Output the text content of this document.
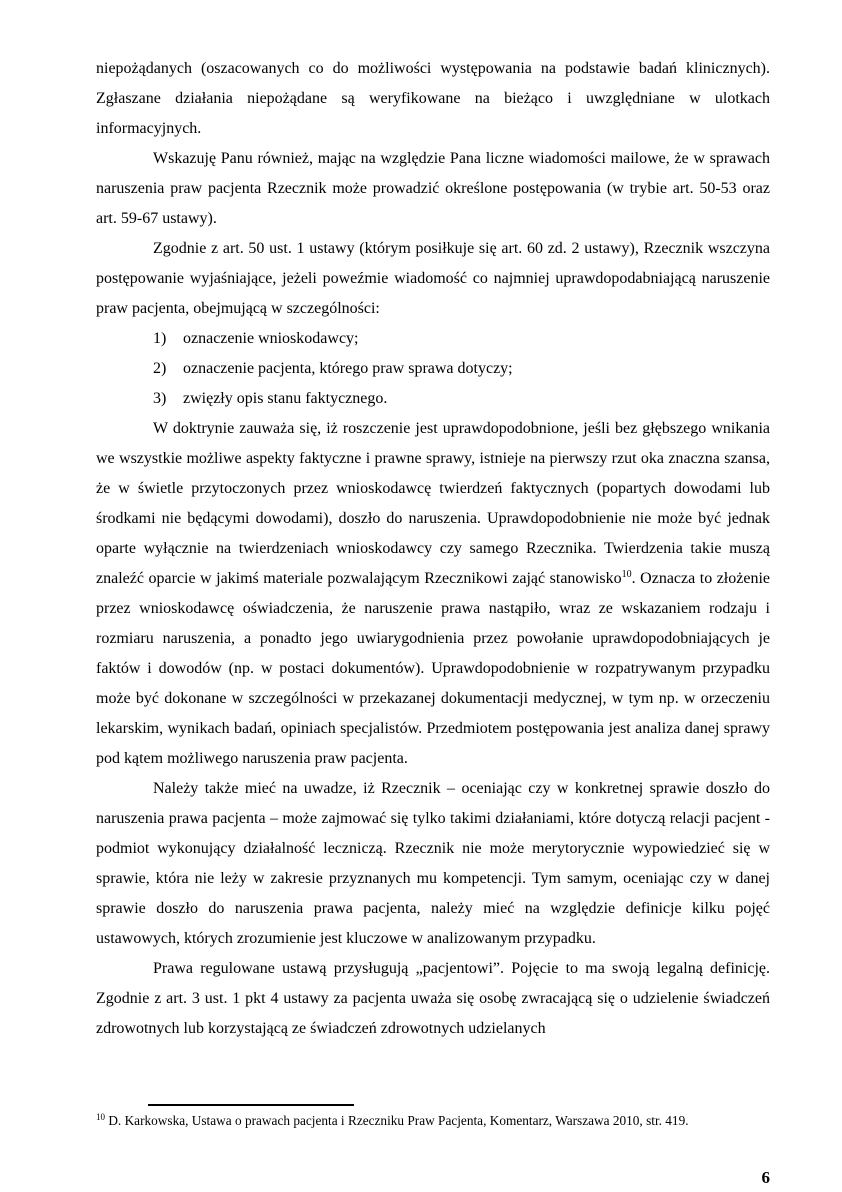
niepożądanych (oszacowanych co do możliwości występowania na podstawie badań klinicznych). Zgłaszane działania niepożądane są weryfikowane na bieżąco i uwzględniane w ulotkach informacyjnych.

Wskazuję Panu również, mając na względzie Pana liczne wiadomości mailowe, że w sprawach naruszenia praw pacjenta Rzecznik może prowadzić określone postępowania (w trybie art. 50-53 oraz art. 59-67 ustawy).

Zgodnie z art. 50 ust. 1 ustawy (którym posiłkuje się art. 60 zd. 2 ustawy), Rzecznik wszczyna postępowanie wyjaśniające, jeżeli poweźmie wiadomość co najmniej uprawdopodabniającą naruszenie praw pacjenta, obejmującą w szczególności:

1)	oznaczenie wnioskodawcy;
2)	oznaczenie pacjenta, którego praw sprawa dotyczy;
3)	zwięzły opis stanu faktycznego.

W doktrynie zauważa się, iż roszczenie jest uprawdopodobnione, jeśli bez głębszego wnikania we wszystkie możliwe aspekty faktyczne i prawne sprawy, istnieje na pierwszy rzut oka znaczna szansa, że w świetle przytoczonych przez wnioskodawcę twierdzeń faktycznych (popartych dowodami lub środkami nie będącymi dowodami), doszło do naruszenia. Uprawdopodobnienie nie może być jednak oparte wyłącznie na twierdzeniach wnioskodawcy czy samego Rzecznika. Twierdzenia takie muszą znaleźć oparcie w jakimś materiale pozwalającym Rzecznikowi zająć stanowisko$^{10}$. Oznacza to złożenie przez wnioskodawcę oświadczenia, że naruszenie prawa nastąpiło, wraz ze wskazaniem rodzaju i rozmiaru naruszenia, a ponadto jego uwiarygodnienia przez powołanie uprawdopodobniających je faktów i dowodów (np. w postaci dokumentów). Uprawdopodobnienie w rozpatrywanym przypadku może być dokonane w szczególności w przekazanej dokumentacji medycznej, w tym np. w orzeczeniu lekarskim, wynikach badań, opiniach specjalistów. Przedmiotem postępowania jest analiza danej sprawy pod kątem możliwego naruszenia praw pacjenta.

Należy także mieć na uwadze, iż Rzecznik – oceniając czy w konkretnej sprawie doszło do naruszenia prawa pacjenta – może zajmować się tylko takimi działaniami, które dotyczą relacji pacjent - podmiot wykonujący działalność leczniczą. Rzecznik nie może merytorycznie wypowiedzieć się w sprawie, która nie leży w zakresie przyznanych mu kompetencji. Tym samym, oceniając czy w danej sprawie doszło do naruszenia prawa pacjenta, należy mieć na względzie definicje kilku pojęć ustawowych, których zrozumienie jest kluczowe w analizowanym przypadku.

Prawa regulowane ustawą przysługują „pacjentowi”. Pojęcie to ma swoją legalną definicję. Zgodnie z art. 3 ust. 1 pkt 4 ustawy za pacjenta uważa się osobę zwracającą się o udzielenie świadczeń zdrowotnych lub korzystającą ze świadczeń zdrowotnych udzielanych

$^{10}$ D. Karkowska, Ustawa o prawach pacjenta i Rzeczniku Praw Pacjenta, Komentarz, Warszawa 2010, str. 419.

6
